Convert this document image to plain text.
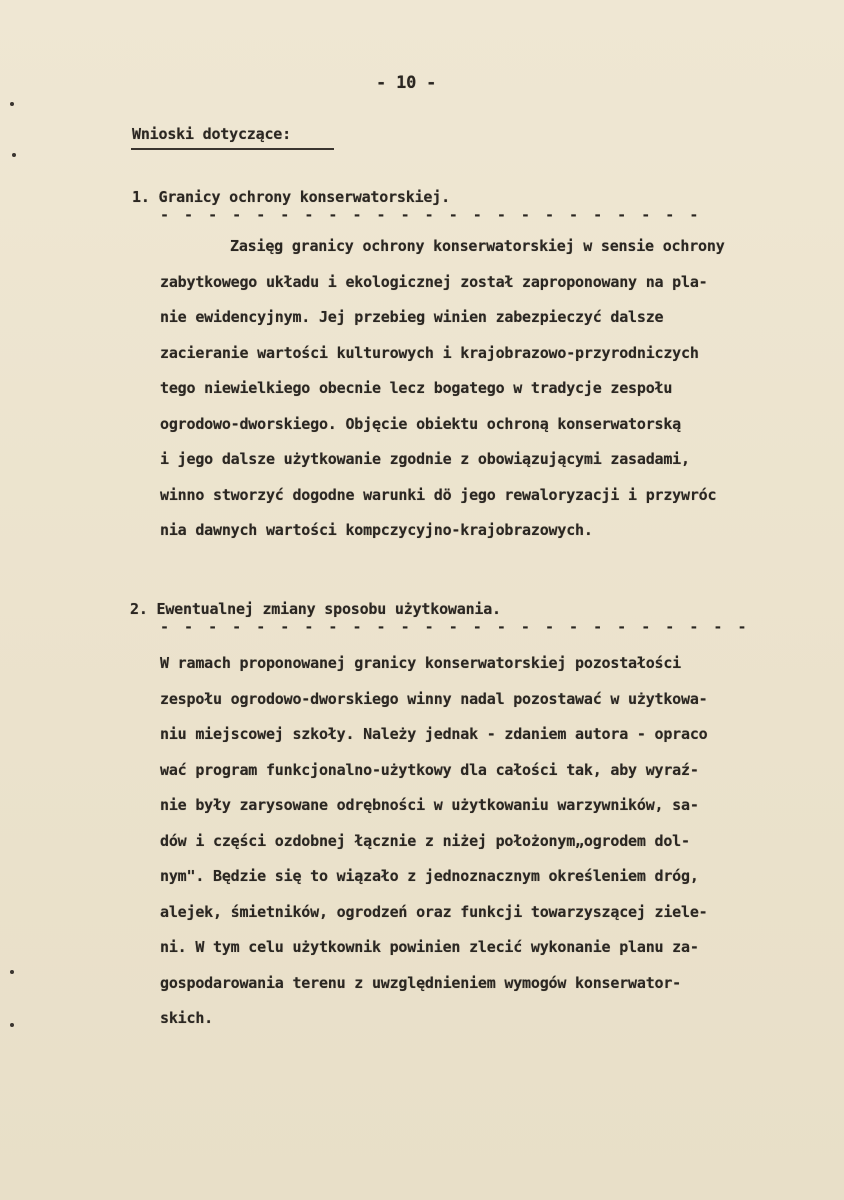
- 10 -
Wnioski dotyczące:
1. Granicy ochrony konserwatorskiej.
- - - - - - - - - - - - - - - - - - - - - - -
Zasięg granicy ochrony konserwatorskiej w sensie ochrony
zabytkowego układu i ekologicznej został zaproponowany na pla-
nie ewidencyjnym. Jej przebieg winien zabezpieczyć dalsze
zacieranie wartości kulturowych i krajobrazowo-przyrodniczych
tego niewielkiego obecnie lecz bogatego w tradycje zespołu
ogrodowo-dworskiego. Objęcie obiektu ochroną konserwatorską
i jego dalsze użytkowanie zgodnie z obowiązującymi zasadami,
winno stworzyć dogodne warunki dö jego rewaloryzacji i przywróc
nia dawnych wartości kompczycyjno-krajobrazowych.
2. Ewentualnej zmiany sposobu użytkowania.
- - - - - - - - - - - - - - - - - - - - - - - - -
W ramach proponowanej granicy konserwatorskiej pozostałości
zespołu ogrodowo-dworskiego winny nadal pozostawać w użytkowa-
niu miejscowej szkoły. Należy jednak - zdaniem autora - opraco
wać program funkcjonalno-użytkowy dla całości tak, aby wyraź-
nie były zarysowane odrębności w użytkowaniu warzywników, sa-
dów i części ozdobnej łącznie z niżej położonym„ogrodem dol-
nym". Będzie się to wiązało z jednoznacznym określeniem dróg,
alejek, śmietników, ogrodzeń oraz funkcji towarzyszącej ziele-
ni. W tym celu użytkownik powinien zlecić wykonanie planu za-
gospodarowania terenu z uwzględnieniem wymogów konserwator-
skich.
